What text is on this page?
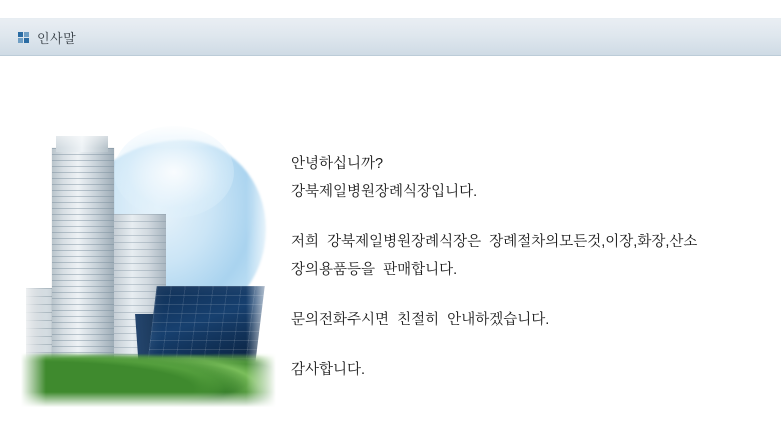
인사말
안녕하십니까?
강북제일병원장례식장입니다.
저희  강북제일병원장례식장은  장례절차의모든것,이장,화장,산소
장의용품등을  판매합니다.
문의전화주시면  친절히  안내하겠습니다.
감사합니다.
